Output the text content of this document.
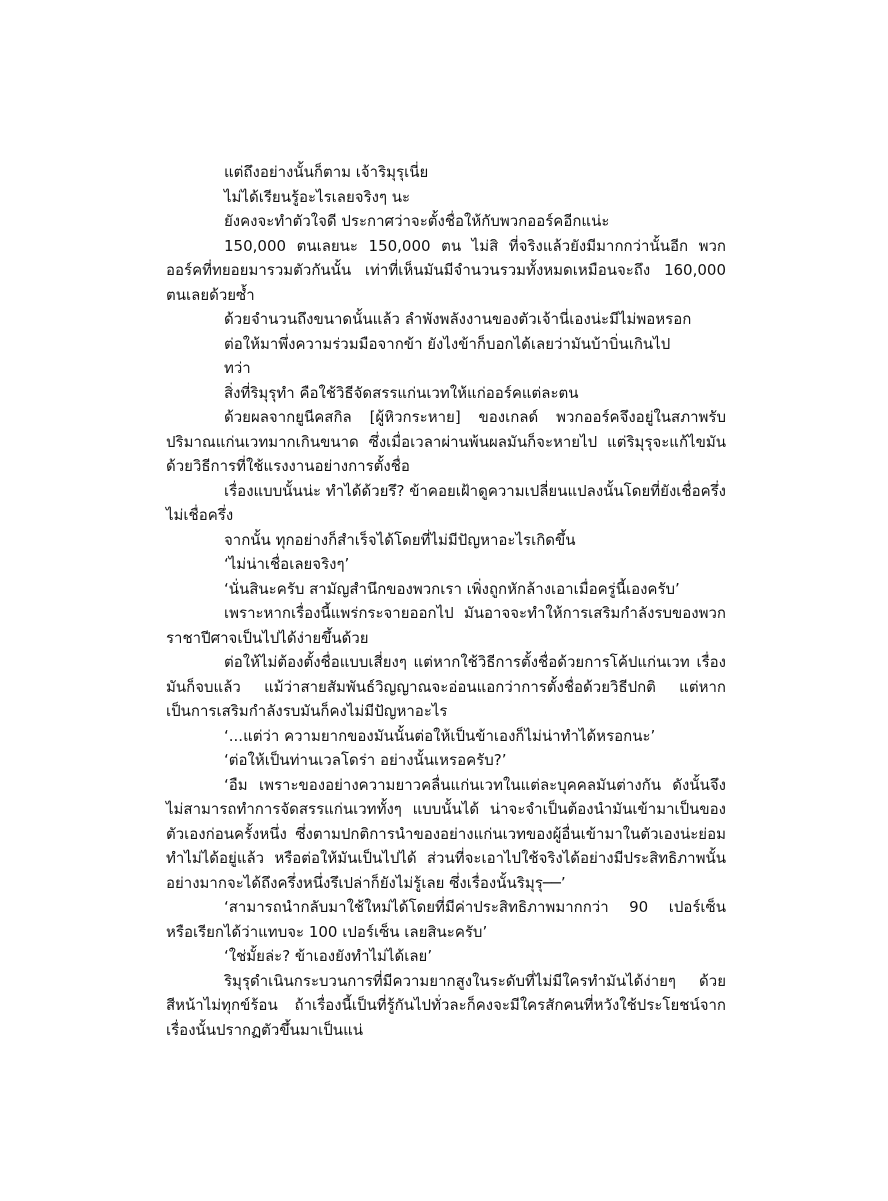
แต่ถึงอย่างนั้นก็ตาม เจ้าริมุรุเนี่ย

ไม่ได้เรียนรู้อะไรเลยจริงๆ นะ

ยังคงจะทำตัวใจดี ประกาศว่าจะตั้งชื่อให้กับพวกออร์คอีกแน่ะ

150,000 ตนเลยนะ 150,000 ตน ไม่สิ ที่จริงแล้วยังมีมากกว่านั้นอีก พวกออร์คที่ทยอยมารวมตัวกันนั้น เท่าที่เห็นมันมีจำนวนรวมทั้งหมดเหมือนจะถึง 160,000 ตนเลยด้วยซ้ำ

ด้วยจำนวนถึงขนาดนั้นแล้ว ลำพังพลังงานของตัวเจ้านี่เองน่ะมีไม่พอหรอก

ต่อให้มาพึ่งความร่วมมือจากข้า ยังไงข้าก็บอกได้เลยว่ามันบ้าบิ่นเกินไป

ทว่า

สิ่งที่ริมุรุทำ คือใช้วิธีจัดสรรแก่นเวทให้แก่ออร์คแต่ละตน

ด้วยผลจากยูนีคสกิล [ผู้หิวกระหาย] ของเกลด์ พวกออร์คจึงอยู่ในสภาพรับปริมาณแก่นเวทมากเกินขนาด ซึ่งเมื่อเวลาผ่านพ้นผลมันก็จะหายไป แต่ริมุรุจะแก้ไขมันด้วยวิธีการที่ใช้แรงงานอย่างการตั้งชื่อ

เรื่องแบบนั้นน่ะ ทำได้ด้วยรึ? ข้าคอยเฝ้าดูความเปลี่ยนแปลงนั้นโดยที่ยังเชื่อครึ่งไม่เชื่อครึ่ง

จากนั้น ทุกอย่างก็สำเร็จได้โดยที่ไม่มีปัญหาอะไรเกิดขึ้น

‘ไม่น่าเชื่อเลยจริงๆ’

‘นั่นสินะครับ สามัญสำนึกของพวกเรา เพิ่งถูกหักล้างเอาเมื่อครู่นี้เองครับ’

เพราะหากเรื่องนี้แพร่กระจายออกไป มันอาจจะทำให้การเสริมกำลังรบของพวกราชาปีศาจเป็นไปได้ง่ายขึ้นด้วย

ต่อให้ไม่ต้องตั้งชื่อแบบเสี่ยงๆ แต่หากใช้วิธีการตั้งชื่อด้วยการโค้ปแก่นเวท เรื่องมันก็จบแล้ว แม้ว่าสายสัมพันธ์วิญญาณจะอ่อนแอกว่าการตั้งชื่อด้วยวิธีปกติ แต่หากเป็นการเสริมกำลังรบมันก็คงไม่มีปัญหาอะไร

‘...แต่ว่า ความยากของมันนั้นต่อให้เป็นข้าเองก็ไม่น่าทำได้หรอกนะ’

‘ต่อให้เป็นท่านเวลโดร่า อย่างนั้นเหรอครับ?’

‘อืม เพราะของอย่างความยาวคลื่นแก่นเวทในแต่ละบุคคลมันต่างกัน ดังนั้นจึงไม่สามารถทำการจัดสรรแก่นเวททั้งๆ แบบนั้นได้ น่าจะจำเป็นต้องนำมันเข้ามาเป็นของตัวเองก่อนครั้งหนึ่ง ซึ่งตามปกติการนำของอย่างแก่นเวทของผู้อื่นเข้ามาในตัวเองน่ะย่อมทำไม่ได้อยู่แล้ว หรือต่อให้มันเป็นไปได้ ส่วนที่จะเอาไปใช้จริงได้อย่างมีประสิทธิภาพนั้นอย่างมากจะได้ถึงครึ่งหนึ่งรึเปล่าก็ยังไม่รู้เลย ซึ่งเรื่องนั้นริมุรุ──’

‘สามารถนำกลับมาใช้ใหม่ได้โดยที่มีค่าประสิทธิภาพมากกว่า 90 เปอร์เซ็น หรือเรียกได้ว่าแทบจะ 100 เปอร์เซ็น เลยสินะครับ’

‘ใช่มั้ยล่ะ? ข้าเองยังทำไม่ได้เลย’

ริมุรุดำเนินกระบวนการที่มีความยากสูงในระดับที่ไม่มีใครทำมันได้ง่ายๆ ด้วยสีหน้าไม่ทุกข์ร้อน ถ้าเรื่องนี้เป็นที่รู้กันไปทั่วละก็คงจะมีใครสักคนที่หวังใช้ประโยชน์จากเรื่องนั้นปรากฏตัวขึ้นมาเป็นแน่
